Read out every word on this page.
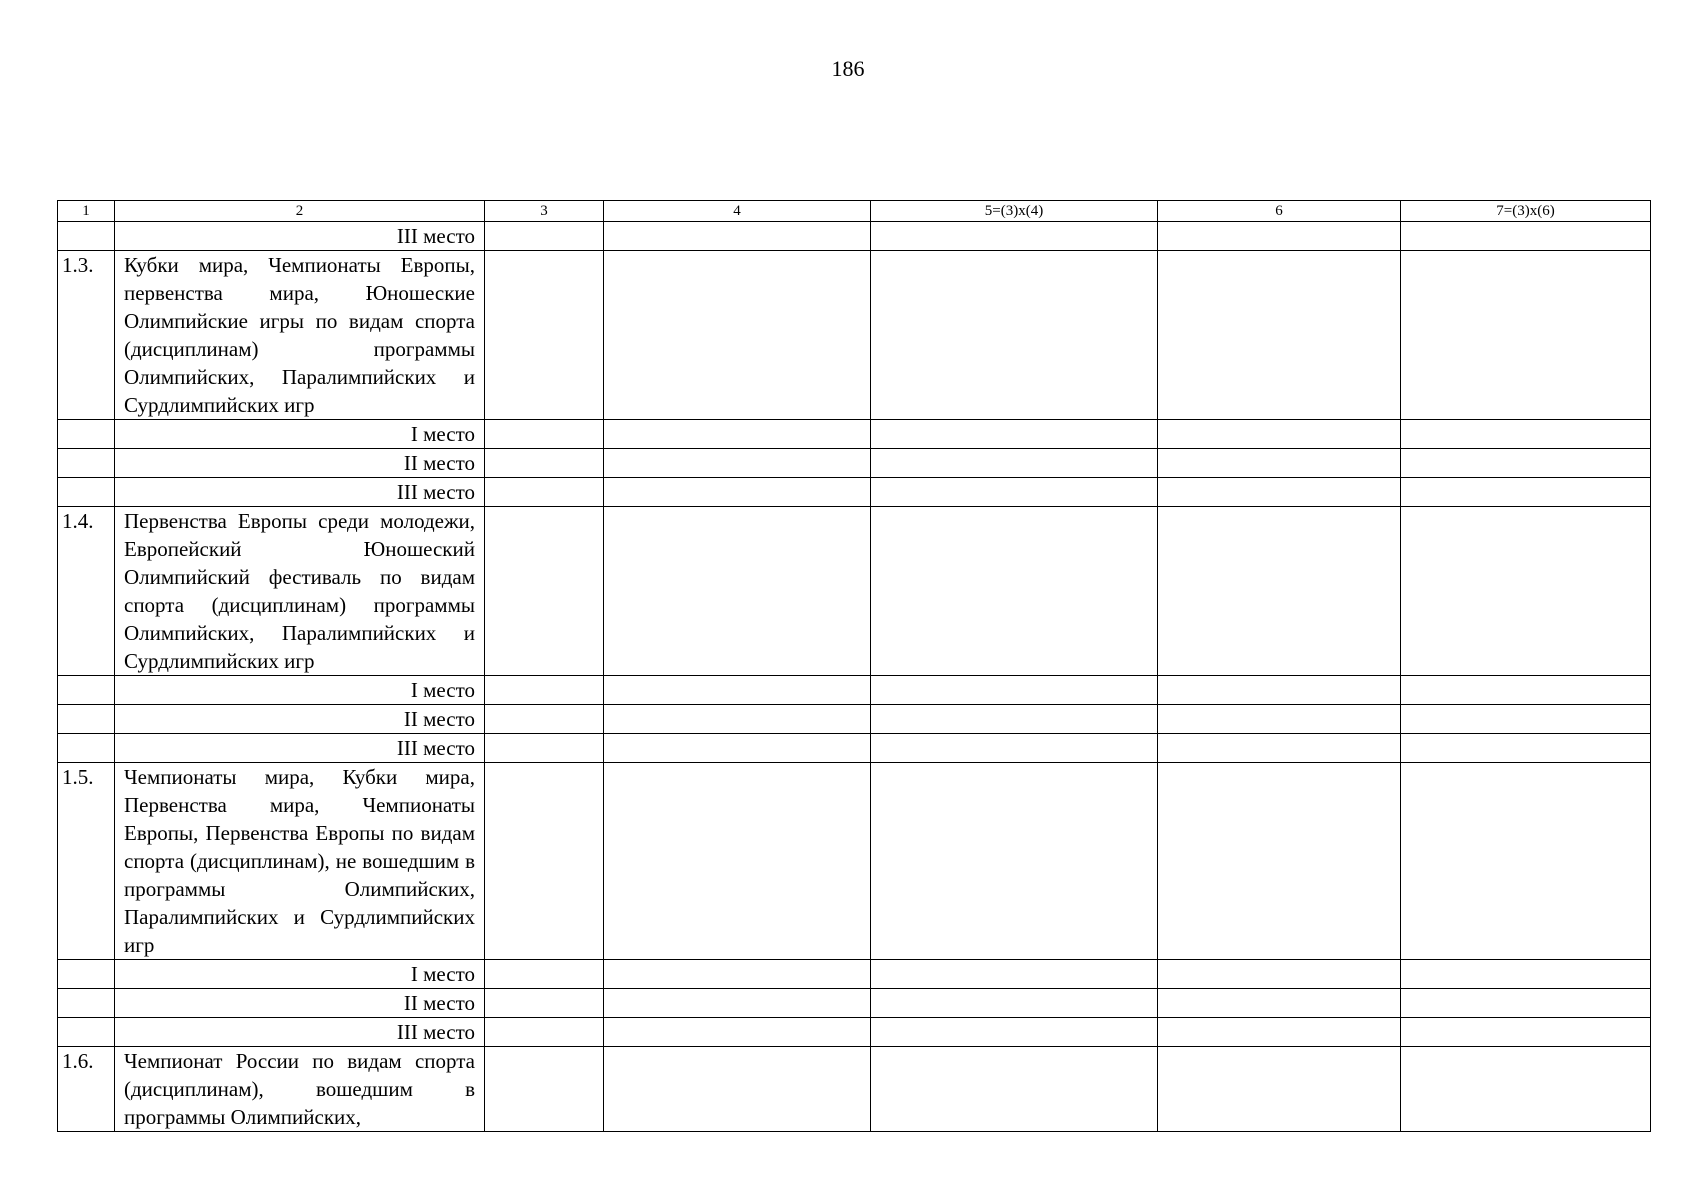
186
1	2	3	4	5=(3)x(4)	6	7=(3)x(6)
	III место					
1.3.	Кубки мира, Чемпионаты Европы, первенства мира, Юношеские Олимпийские игры по видам спорта (дисциплинам) программы Олимпийских, Паралимпийских и Сурдлимпийских игр					
	I место					
	II место					
	III место					
1.4.	Первенства Европы среди молодежи, Европейский Юношеский Олимпийский фестиваль по видам спорта (дисциплинам) программы Олимпийских, Паралимпийских и Сурдлимпийских игр					
	I место					
	II место					
	III место					
1.5.	Чемпионаты мира, Кубки мира, Первенства мира, Чемпионаты Европы, Первенства Европы по видам спорта (дисциплинам), не вошедшим в программы Олимпийских, Паралимпийских и Сурдлимпийских игр					
	I место					
	II место					
	III место					
1.6.	Чемпионат России по видам спорта (дисциплинам), вошедшим в программы Олимпийских,					
